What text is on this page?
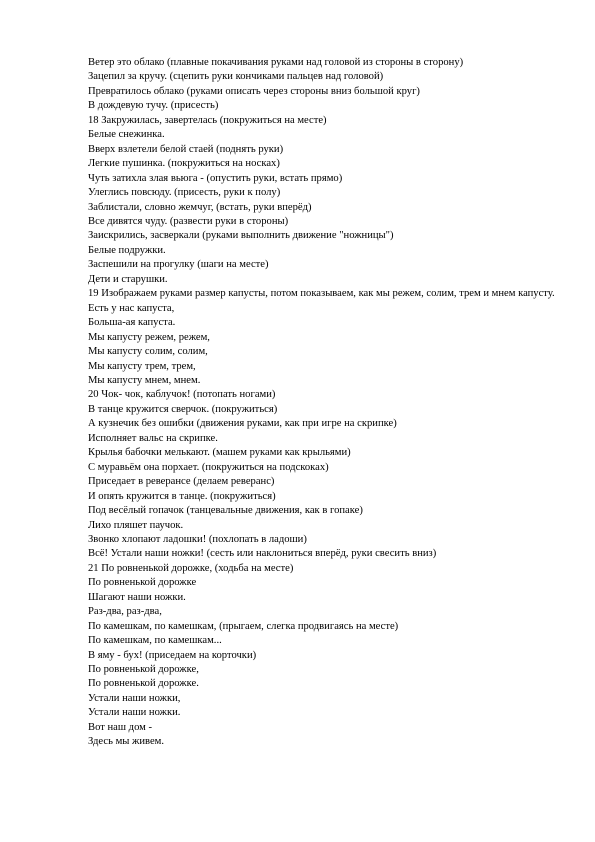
Ветер это облако (плавные покачивания руками над головой из стороны в сторону)

Зацепил за кручу. (сцепить руки кончиками пальцев над головой)

Превратилось облако (руками описать через стороны вниз большой круг)

В дождевую тучу. (присесть)

18 Закружилась, завертелась (покружиться на месте)

Белые снежинка.

Вверх взлетели белой стаей (поднять руки)

Легкие пушинка. (покружиться на носках)

Чуть затихла злая вьюга - (опустить руки, встать прямо)

Улеглись повсюду. (присесть, руки к полу)

Заблистали, словно жемчуг, (встать, руки вперёд)

Все дивятся чуду. (развести руки в стороны)

Заискрились, засверкали (руками выполнить движение "ножницы")

Белые подружки.

Заспешили на прогулку (шаги на месте)

Дети и старушки.

19 Изображаем руками размер капусты, потом показываем, как мы режем, солим, трем и мнем капусту.

Есть у нас капуста,

Больша-ая капуста.

Мы капусту режем, режем,

Мы капусту солим, солим,

Мы капусту трем, трем,

Мы капусту мнем, мнем.

20 Чок- чок, каблучок! (потопать ногами)

В танце кружится сверчок. (покружиться)

А кузнечик без ошибки (движения руками, как при игре на скрипке)

Исполняет вальс на скрипке.

Крылья бабочки мелькают. (машем руками как крыльями)

С муравьём она порхает. (покружиться на подскоках)

Приседает в реверансе (делаем реверанс)

И опять кружится в танце. (покружиться)

Под весёлый гопачок (танцевальные движения, как в гопаке)

Лихо пляшет паучок.

Звонко хлопают ладошки! (похлопать в ладоши)

Всё! Устали наши ножки! (сесть или наклониться вперёд, руки свесить вниз)

21 По ровненькой дорожке, (ходьба на месте)

По ровненькой дорожке

Шагают наши ножки.

Раз-два, раз-два,

По камешкам, по камешкам, (прыгаем, слегка продвигаясь на месте)

По камешкам, по камешкам...

В яму - бух! (приседаем на корточки)

По ровненькой дорожке,

По ровненькой дорожке.

Устали наши ножки,

Устали наши ножки.

Вот наш дом -

Здесь мы живем.
